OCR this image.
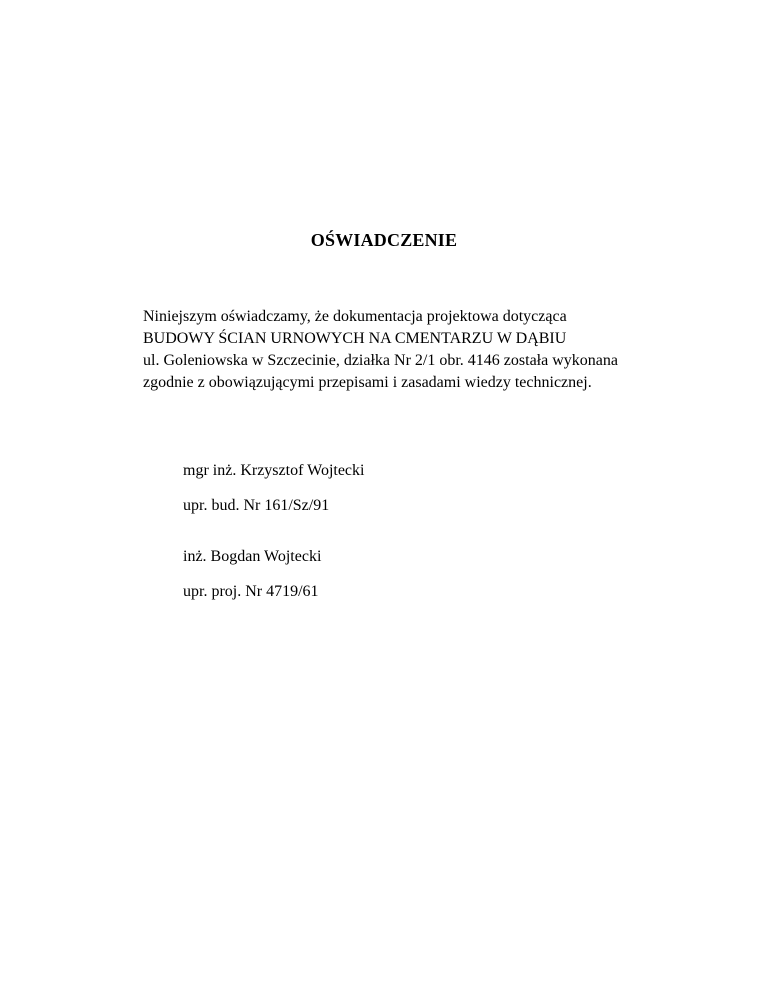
OŚWIADCZENIE
Niniejszym oświadczamy, że dokumentacja projektowa dotycząca
BUDOWY ŚCIAN URNOWYCH NA CMENTARZU W DĄBIU
ul. Goleniowska w Szczecinie, działka Nr 2/1 obr. 4146 została wykonana
zgodnie z obowiązującymi przepisami i zasadami wiedzy technicznej.
mgr inż. Krzysztof Wojtecki
upr. bud. Nr 161/Sz/91
inż. Bogdan Wojtecki
upr. proj. Nr 4719/61
